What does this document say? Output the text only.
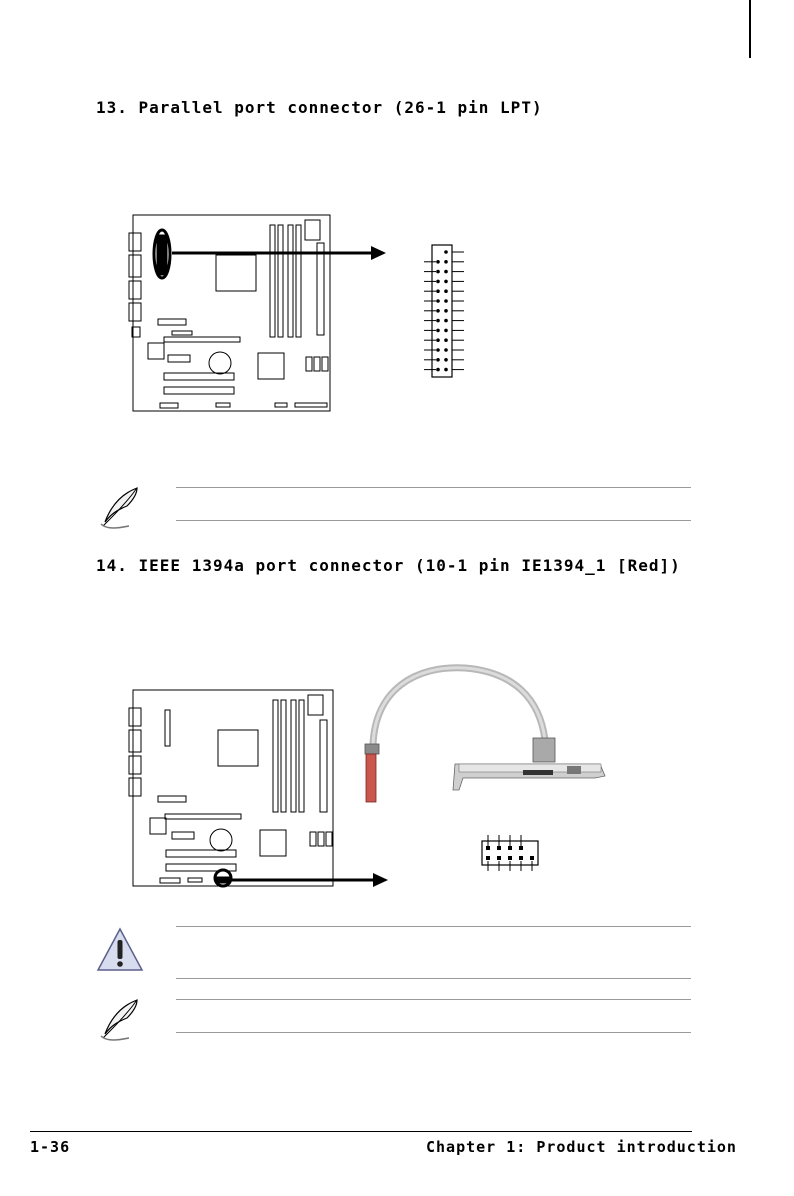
13. Parallel port connector (26-1 pin LPT)
14. IEEE 1394a port connector (10-1 pin IE1394_1 [Red])
1-36	Chapter 1: Product introduction
